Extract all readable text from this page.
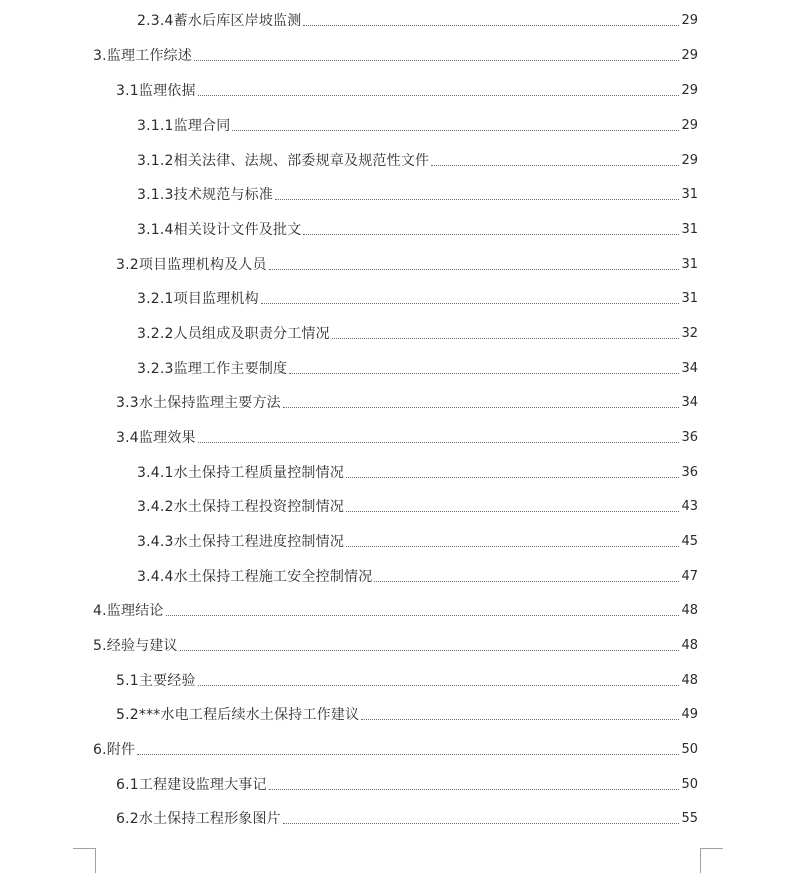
2.3.4蓄水后库区岸坡监测	29
3.监理工作综述	29
3.1监理依据	29
3.1.1监理合同	29
3.1.2相关法律、法规、部委规章及规范性文件	29
3.1.3技术规范与标准	31
3.1.4相关设计文件及批文	31
3.2项目监理机构及人员	31
3.2.1项目监理机构	31
3.2.2人员组成及职责分工情况	32
3.2.3监理工作主要制度	34
3.3水土保持监理主要方法	34
3.4监理效果	36
3.4.1水土保持工程质量控制情况	36
3.4.2水土保持工程投资控制情况	43
3.4.3水土保持工程进度控制情况	45
3.4.4水土保持工程施工安全控制情况	47
4.监理结论	48
5.经验与建议	48
5.1主要经验	48
5.2***水电工程后续水土保持工作建议	49
6.附件	50
6.1工程建设监理大事记	50
6.2水土保持工程形象图片	55
